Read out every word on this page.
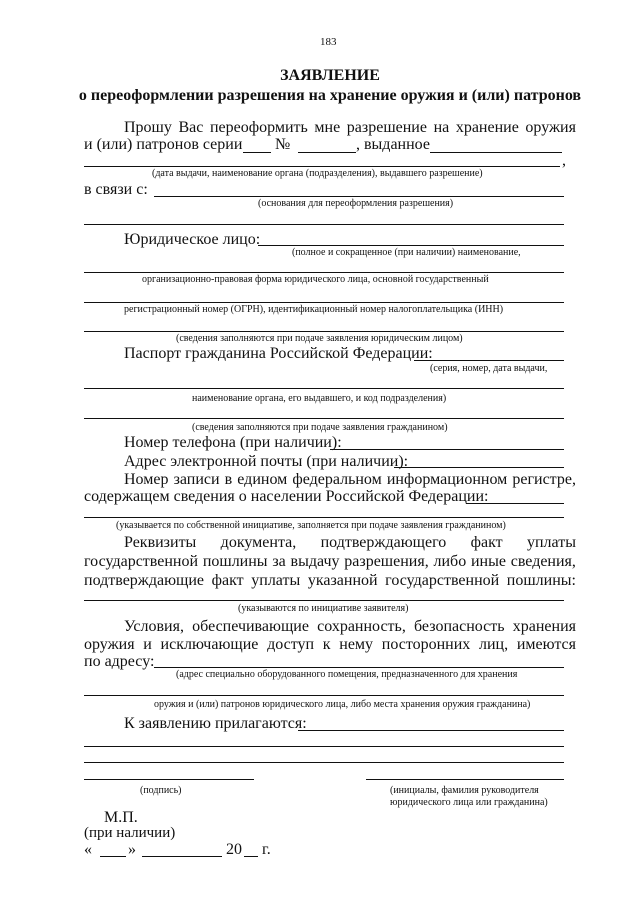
183
ЗАЯВЛЕНИЕ
о переоформлении разрешения на хранение оружия и (или) патронов
Прошу Вас переоформить мне разрешение на хранение оружия
и (или) патронов серии №	, выданное
,
(дата выдачи, наименование органа (подразделения), выдавшего разрешение)
в связи с:
(основания для переоформления разрешения)
Юридическое лицо:
(полное и сокращенное (при наличии) наименование,
организационно-правовая форма юридического лица, основной государственный
регистрационный номер (ОГРН), идентификационный номер налогоплательщика (ИНН)
(сведения заполняются при подаче заявления юридическим лицом)
Паспорт гражданина Российской Федерации:
(серия, номер, дата выдачи,
наименование органа, его выдавшего, и код подразделения)
(сведения заполняются при подаче заявления гражданином)
Номер телефона (при наличии):
Адрес электронной почты (при наличии):
Номер записи в едином федеральном информационном регистре,
содержащем сведения о населении Российской Федерации:
(указывается по собственной инициативе, заполняется при подаче заявления гражданином)
Реквизиты документа, подтверждающего факт уплаты
государственной пошлины за выдачу разрешения, либо иные сведения,
подтверждающие факт уплаты указанной государственной пошлины:
(указываются по инициативе заявителя)
Условия, обеспечивающие сохранность, безопасность хранения
оружия и исключающие доступ к нему посторонних лиц, имеются
по адресу:
(адрес специально оборудованного помещения, предназначенного для хранения
оружия и (или) патронов юридического лица, либо места хранения оружия гражданина)
К заявлению прилагаются:
(подпись)	(инициалы, фамилия руководителя
юридического лица или гражданина)
М.П.
(при наличии)
« »	20 г.
